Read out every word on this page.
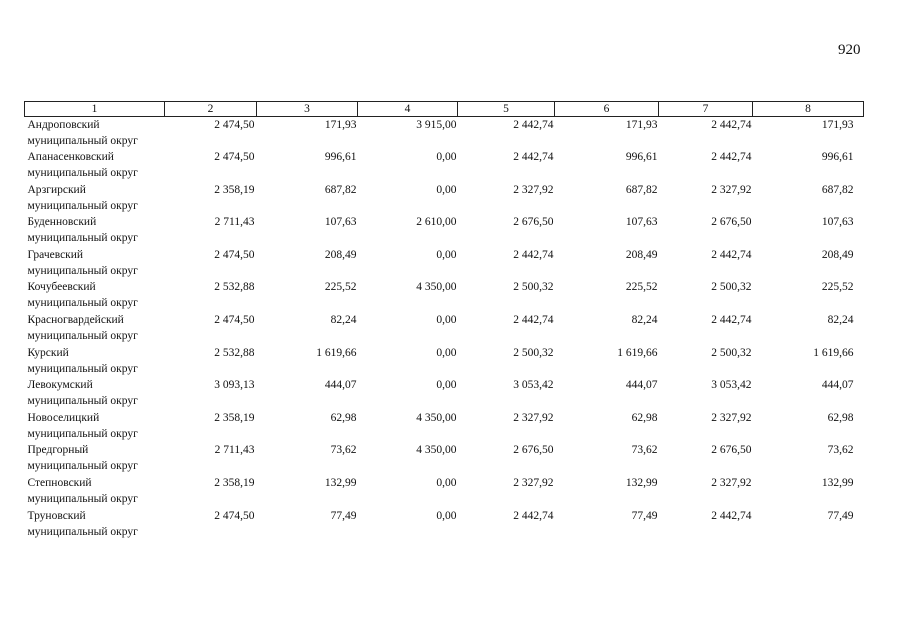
920
1	2	3	4	5	6	7	8

Андроповский
муниципальный округ	2 474,50	171,93	3 915,00	2 442,74	171,93	2 442,74	171,93

Апанасенковский
муниципальный округ	2 474,50	996,61	0,00	2 442,74	996,61	2 442,74	996,61

Арзгирский
муниципальный округ	2 358,19	687,82	0,00	2 327,92	687,82	2 327,92	687,82

Буденновский
муниципальный округ	2 711,43	107,63	2 610,00	2 676,50	107,63	2 676,50	107,63

Грачевский
муниципальный округ	2 474,50	208,49	0,00	2 442,74	208,49	2 442,74	208,49

Кочубеевский
муниципальный округ	2 532,88	225,52	4 350,00	2 500,32	225,52	2 500,32	225,52

Красногвардейский
муниципальный округ	2 474,50	82,24	0,00	2 442,74	82,24	2 442,74	82,24

Курский
муниципальный округ	2 532,88	1 619,66	0,00	2 500,32	1 619,66	2 500,32	1 619,66

Левокумский
муниципальный округ	3 093,13	444,07	0,00	3 053,42	444,07	3 053,42	444,07

Новоселицкий
муниципальный округ	2 358,19	62,98	4 350,00	2 327,92	62,98	2 327,92	62,98

Предгорный
муниципальный округ	2 711,43	73,62	4 350,00	2 676,50	73,62	2 676,50	73,62

Степновский
муниципальный округ	2 358,19	132,99	0,00	2 327,92	132,99	2 327,92	132,99

Труновский
муниципальный округ	2 474,50	77,49	0,00	2 442,74	77,49	2 442,74	77,49
